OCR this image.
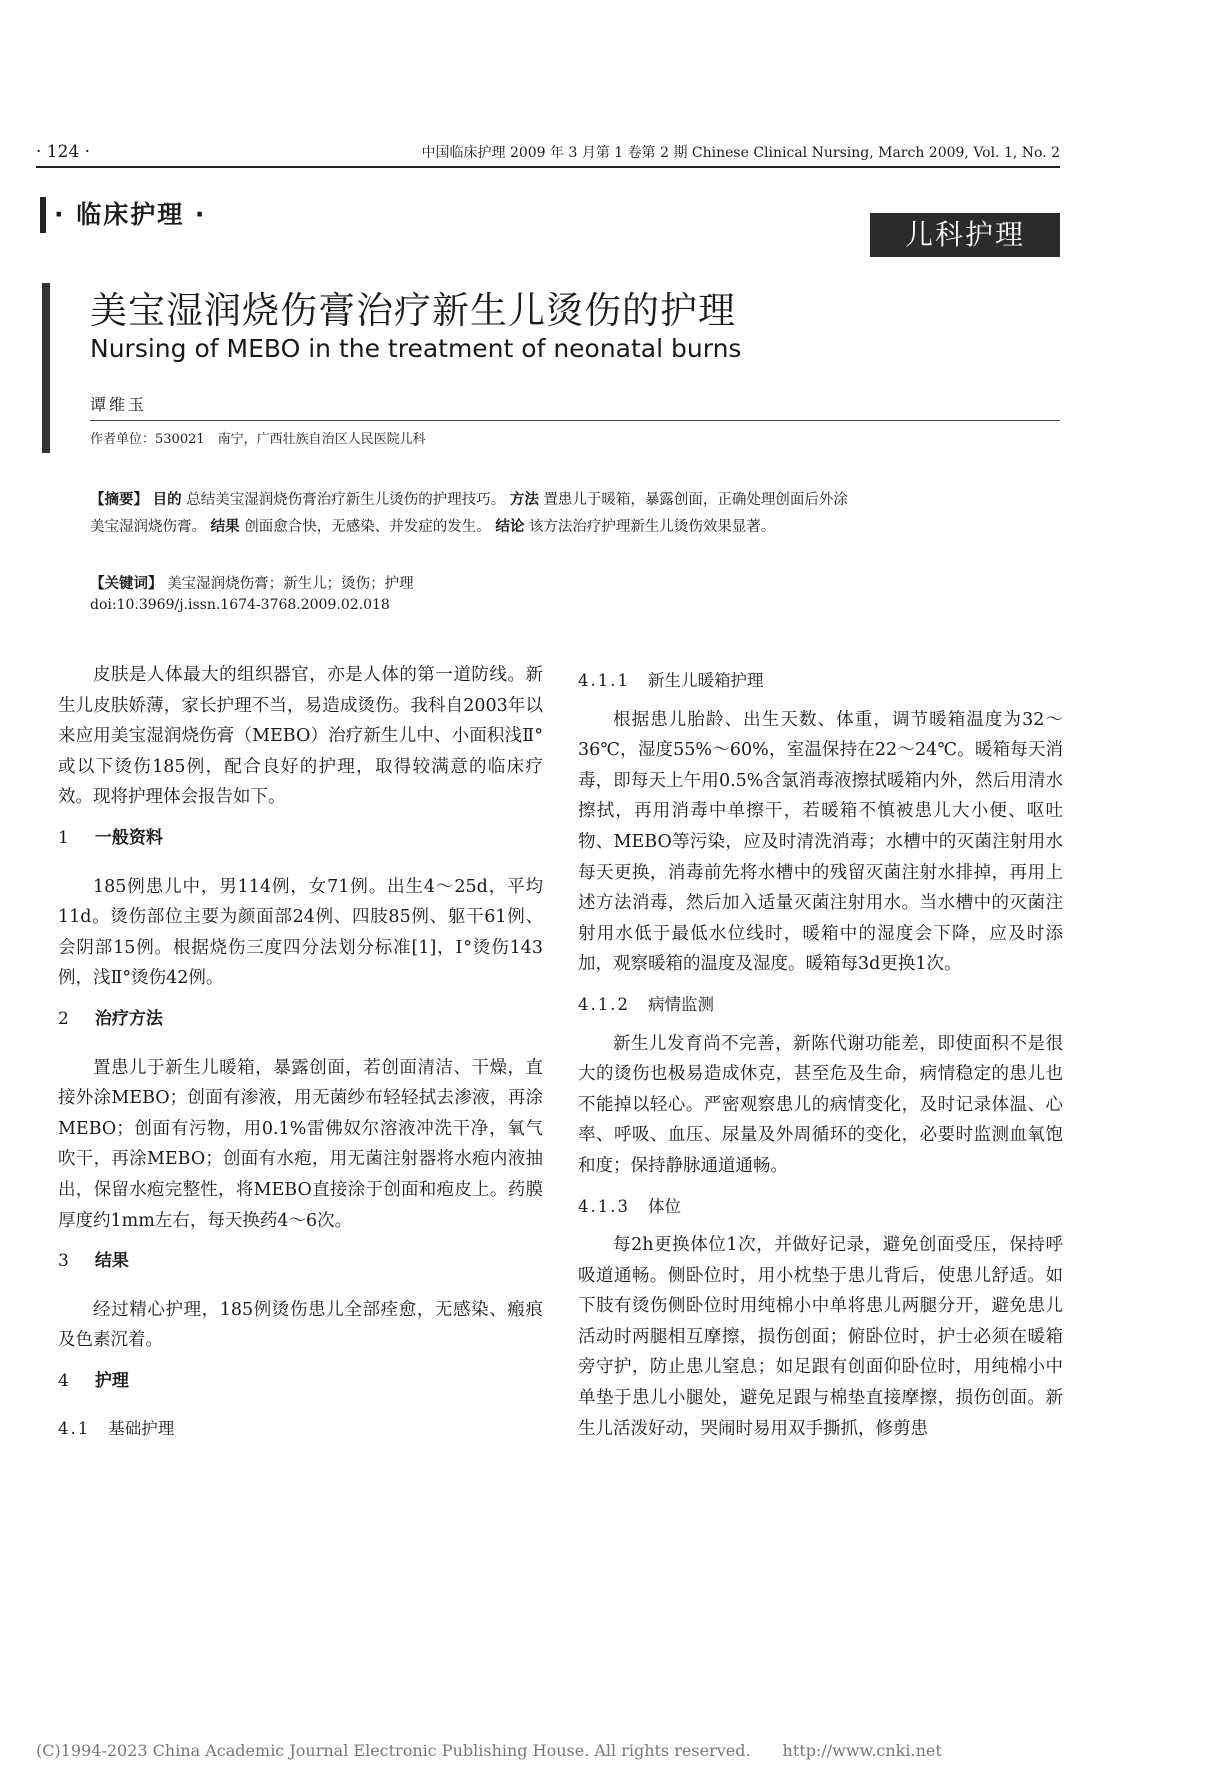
· 124 ·	中国临床护理 2009 年 3 月第 1 卷第 2 期 Chinese Clinical Nursing, March 2009, Vol. 1, No. 2
· 临床护理 ·
儿科护理
美宝湿润烧伤膏治疗新生儿烫伤的护理
Nursing of MEBO in the treatment of neonatal burns
谭维玉
作者单位：530021　南宁，广西壮族自治区人民医院儿科
【摘要】 目的 总结美宝湿润烧伤膏治疗新生儿烫伤的护理技巧。 方法 置患儿于暖箱，暴露创面，正确处理创面后外涂美宝湿润烧伤膏。 结果 创面愈合快，无感染、并发症的发生。 结论 该方法治疗护理新生儿烫伤效果显著。
【关键词】 美宝湿润烧伤膏；新生儿；烫伤；护理
doi:10.3969/j.issn.1674-3768.2009.02.018

皮肤是人体最大的组织器官，亦是人体的第一道防线。新生儿皮肤娇薄，家长护理不当，易造成烫伤。我科自2003年以来应用美宝湿润烧伤膏（MEBO）治疗新生儿中、小面积浅Ⅱ°或以下烫伤185例，配合良好的护理，取得较满意的临床疗效。现将护理体会报告如下。

1 一般资料

185例患儿中，男114例，女71例。出生4～25d，平均11d。烫伤部位主要为颜面部24例、四肢85例、躯干61例、会阴部15例。根据烧伤三度四分法划分标准[1]，Ⅰ°烫伤143例，浅Ⅱ°烫伤42例。

2 治疗方法

置患儿于新生儿暖箱，暴露创面，若创面清洁、干燥，直接外涂MEBO；创面有渗液，用无菌纱布轻轻拭去渗液，再涂MEBO；创面有污物，用0.1%雷佛奴尔溶液冲洗干净，氧气吹干，再涂MEBO；创面有水疱，用无菌注射器将水疱内液抽出，保留水疱完整性，将MEBO直接涂于创面和疱皮上。药膜厚度约1mm左右，每天换药4～6次。

3 结果

经过精心护理，185例烫伤患儿全部痊愈，无感染、瘢痕及色素沉着。

4 护理
4.1 基础护理
4.1.1 新生儿暖箱护理

根据患儿胎龄、出生天数、体重，调节暖箱温度为32～36℃，湿度55%～60%，室温保持在22～24℃。暖箱每天消毒，即每天上午用0.5%含氯消毒液擦拭暖箱内外，然后用清水擦拭，再用消毒中单擦干，若暖箱不慎被患儿大小便、呕吐物、MEBO等污染，应及时清洗消毒；水槽中的灭菌注射用水每天更换，消毒前先将水槽中的残留灭菌注射水排掉，再用上述方法消毒，然后加入适量灭菌注射用水。当水槽中的灭菌注射用水低于最低水位线时，暖箱中的湿度会下降，应及时添加，观察暖箱的温度及湿度。暖箱每3d更换1次。

4.1.2 病情监测

新生儿发育尚不完善，新陈代谢功能差，即使面积不是很大的烫伤也极易造成休克，甚至危及生命，病情稳定的患儿也不能掉以轻心。严密观察患儿的病情变化，及时记录体温、心率、呼吸、血压、尿量及外周循环的变化，必要时监测血氧饱和度；保持静脉通道通畅。

4.1.3 体位

每2h更换体位1次，并做好记录，避免创面受压，保持呼吸道通畅。侧卧位时，用小枕垫于患儿背后，使患儿舒适。如下肢有烫伤侧卧位时用纯棉小中单将患儿两腿分开，避免患儿活动时两腿相互摩擦，损伤创面；俯卧位时，护士必须在暖箱旁守护，防止患儿窒息；如足跟有创面仰卧位时，用纯棉小中单垫于患儿小腿处，避免足跟与棉垫直接摩擦，损伤创面。新生儿活泼好动，哭闹时易用双手撕抓，修剪患

(C)1994-2023 China Academic Journal Electronic Publishing House. All rights reserved.　　http://www.cnki.net
